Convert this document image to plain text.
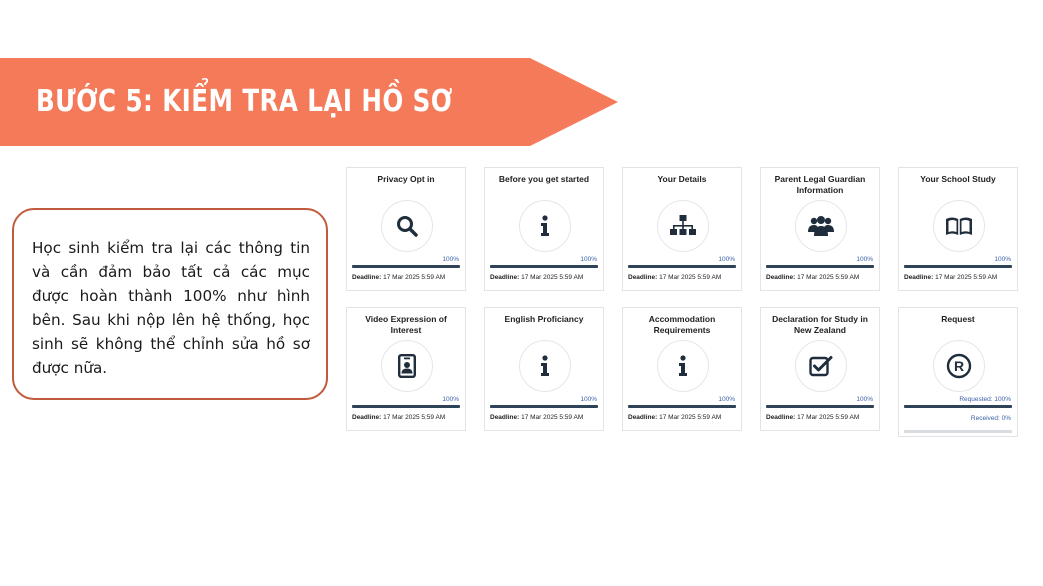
BƯỚC 5: KIỂM TRA LẠI HỒ SƠ

Học sinh kiểm tra lại các thông tin và cần đảm bảo tất cả các mục được hoàn thành 100% như hình bên. Sau khi nộp lên hệ thống, học sinh sẽ không thể chỉnh sửa hồ sơ được nữa.

Privacy Opt in
100%
Deadline: 17 Mar 2025 5:59 AM
Before you get started
100%
Deadline: 17 Mar 2025 5:59 AM
Your Details
100%
Deadline: 17 Mar 2025 5:59 AM
Parent Legal Guardian Information
100%
Deadline: 17 Mar 2025 5:59 AM
Your School Study
100%
Deadline: 17 Mar 2025 5:59 AM
Video Expression of Interest
100%
Deadline: 17 Mar 2025 5:59 AM
English Proficiancy
100%
Deadline: 17 Mar 2025 5:59 AM
Accommodation Requirements
100%
Deadline: 17 Mar 2025 5:59 AM
Declaration for Study in New Zealand
100%
Deadline: 17 Mar 2025 5:59 AM
Request
R
Requested: 100%
Received: 0%
